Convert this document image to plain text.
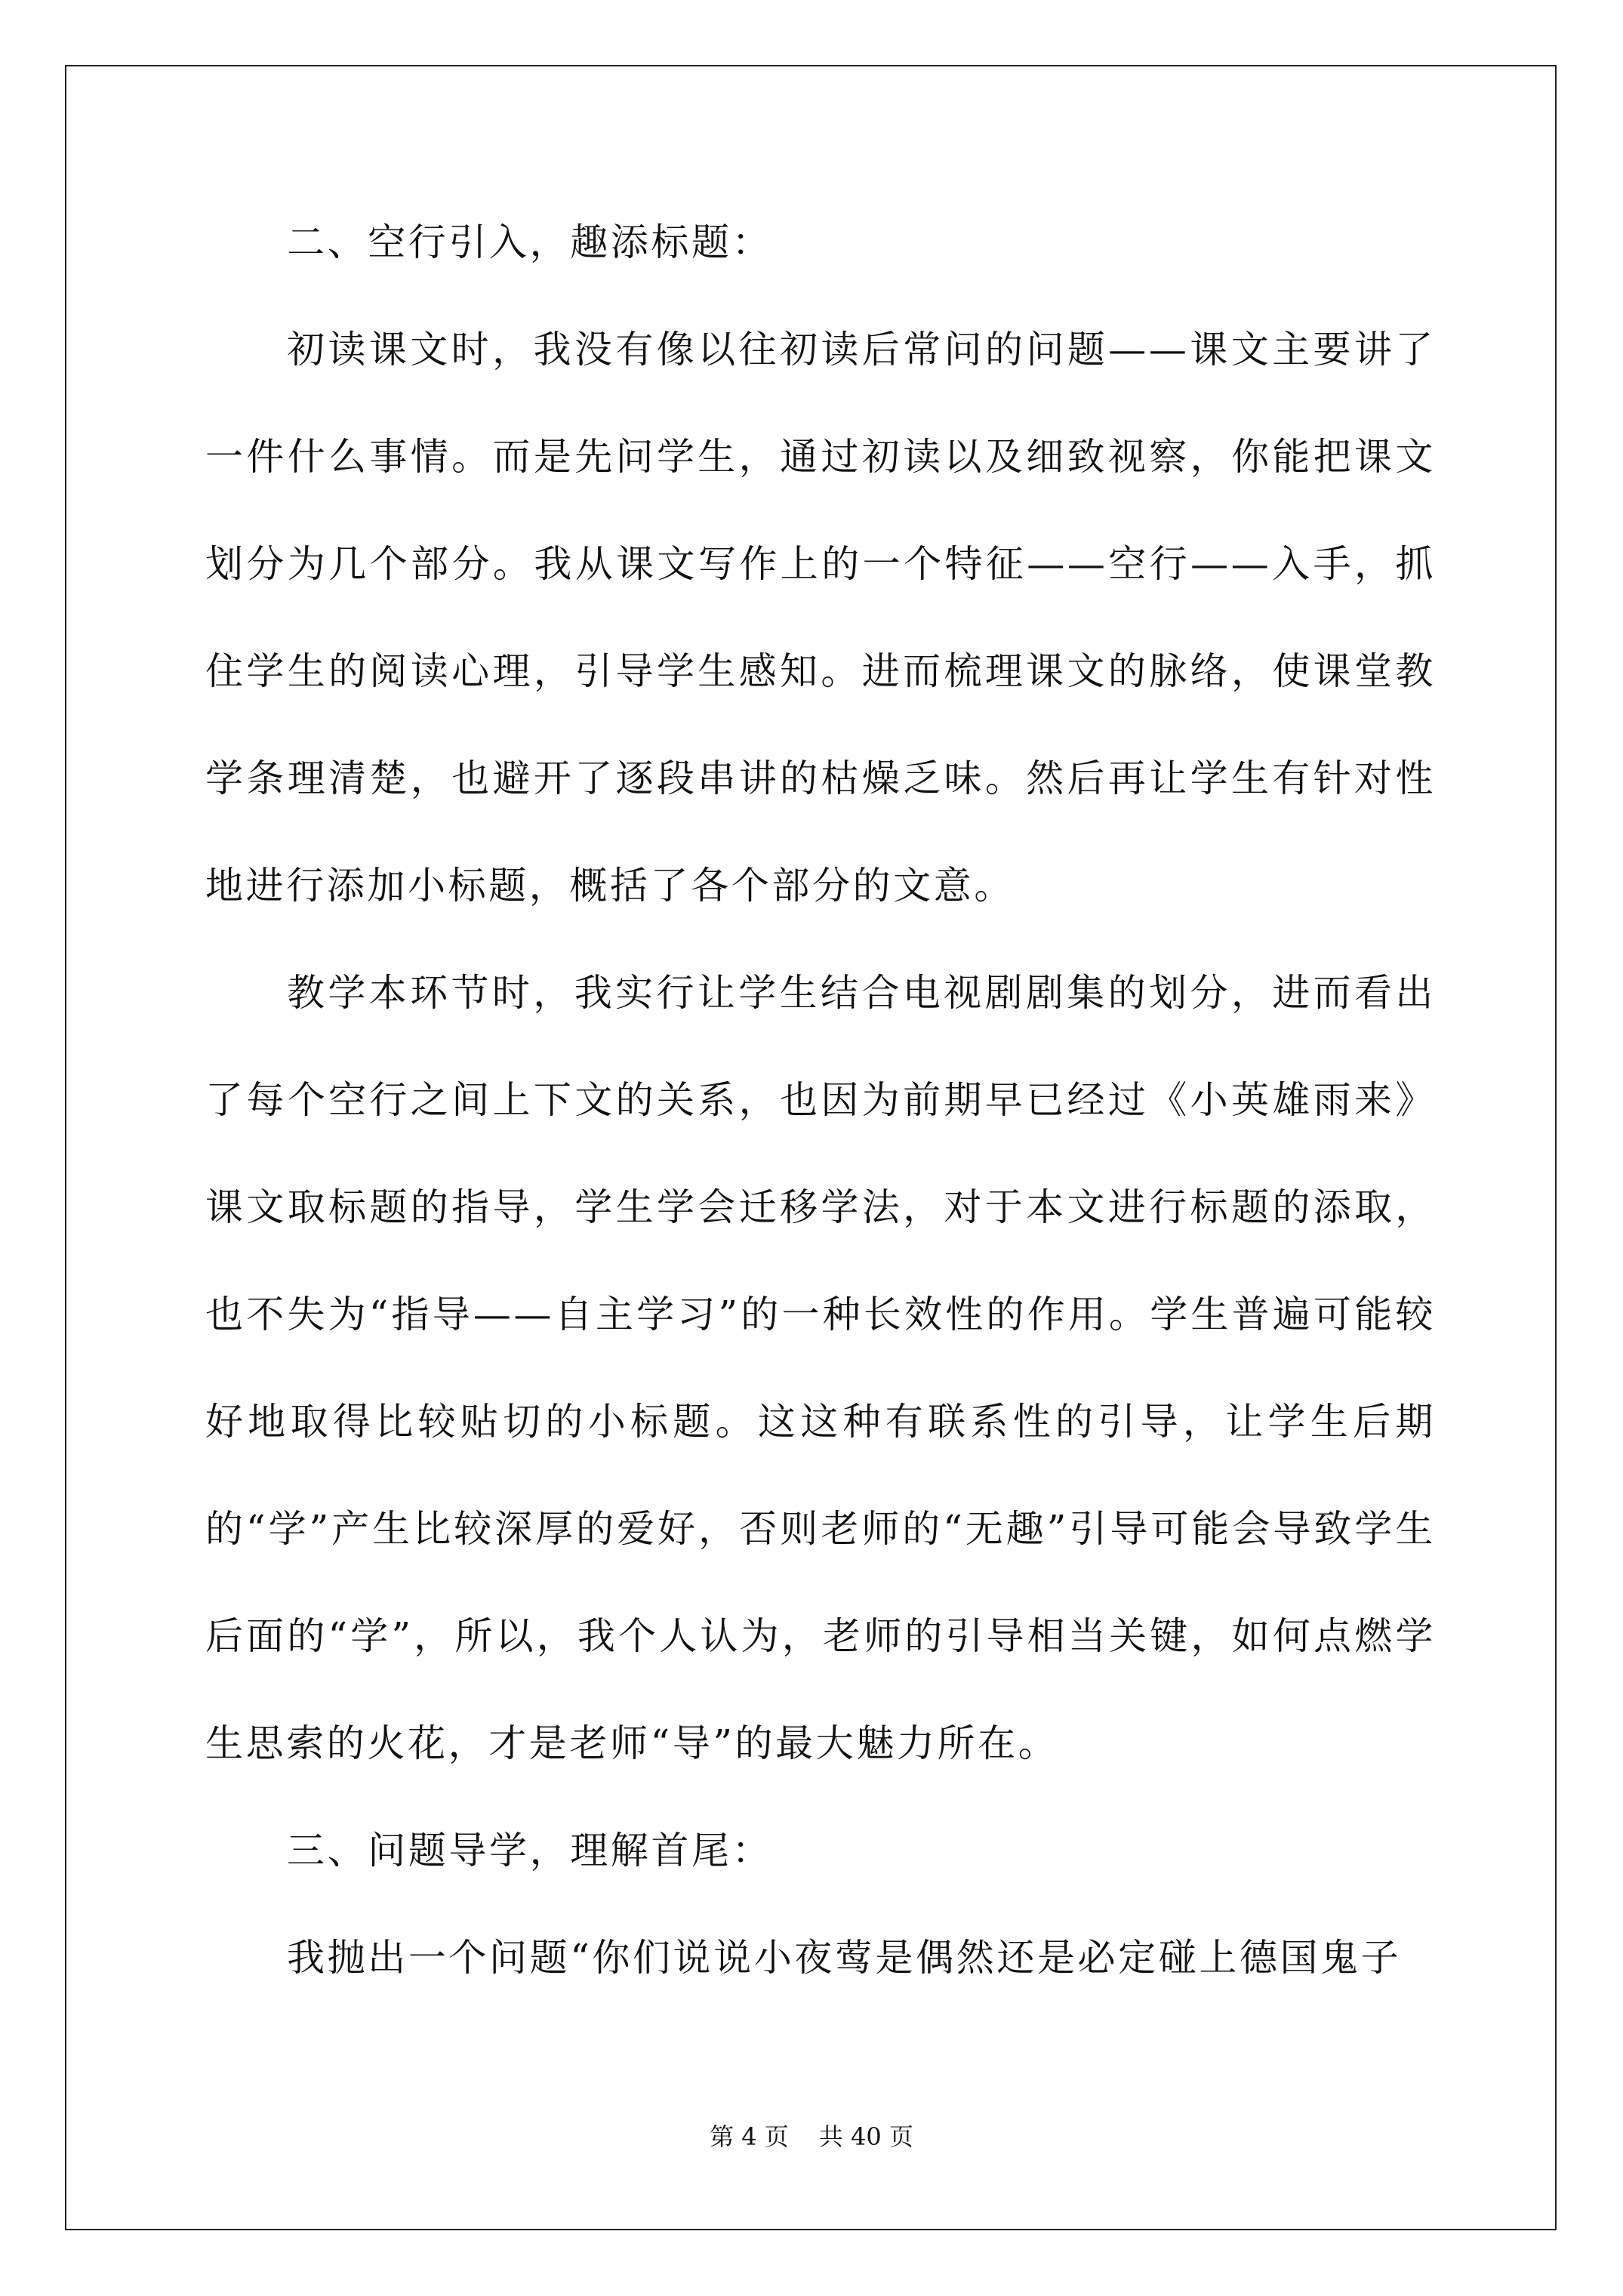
二、空行引入，趣添标题：

初读课文时，我没有像以往初读后常问的问题——课文主要讲了一件什么事情。而是先问学生，通过初读以及细致视察，你能把课文划分为几个部分。我从课文写作上的一个特征——空行——入手，抓住学生的阅读心理，引导学生感知。进而梳理课文的脉络，使课堂教学条理清楚，也避开了逐段串讲的枯燥乏味。然后再让学生有针对性地进行添加小标题，概括了各个部分的文意。

教学本环节时，我实行让学生结合电视剧剧集的划分，进而看出了每个空行之间上下文的关系，也因为前期早已经过《小英雄雨来》课文取标题的指导，学生学会迁移学法，对于本文进行标题的添取，也不失为“指导——自主学习”的一种长效性的作用。学生普遍可能较好地取得比较贴切的小标题。这这种有联系性的引导，让学生后期的“学”产生比较深厚的爱好，否则老师的“无趣”引导可能会导致学生后面的“学”，所以，我个人认为，老师的引导相当关键，如何点燃学生思索的火花，才是老师“导”的最大魅力所在。

三、问题导学，理解首尾：

我抛出一个问题“你们说说小夜莺是偶然还是必定碰上德国鬼子

第 4 页 共 40 页
